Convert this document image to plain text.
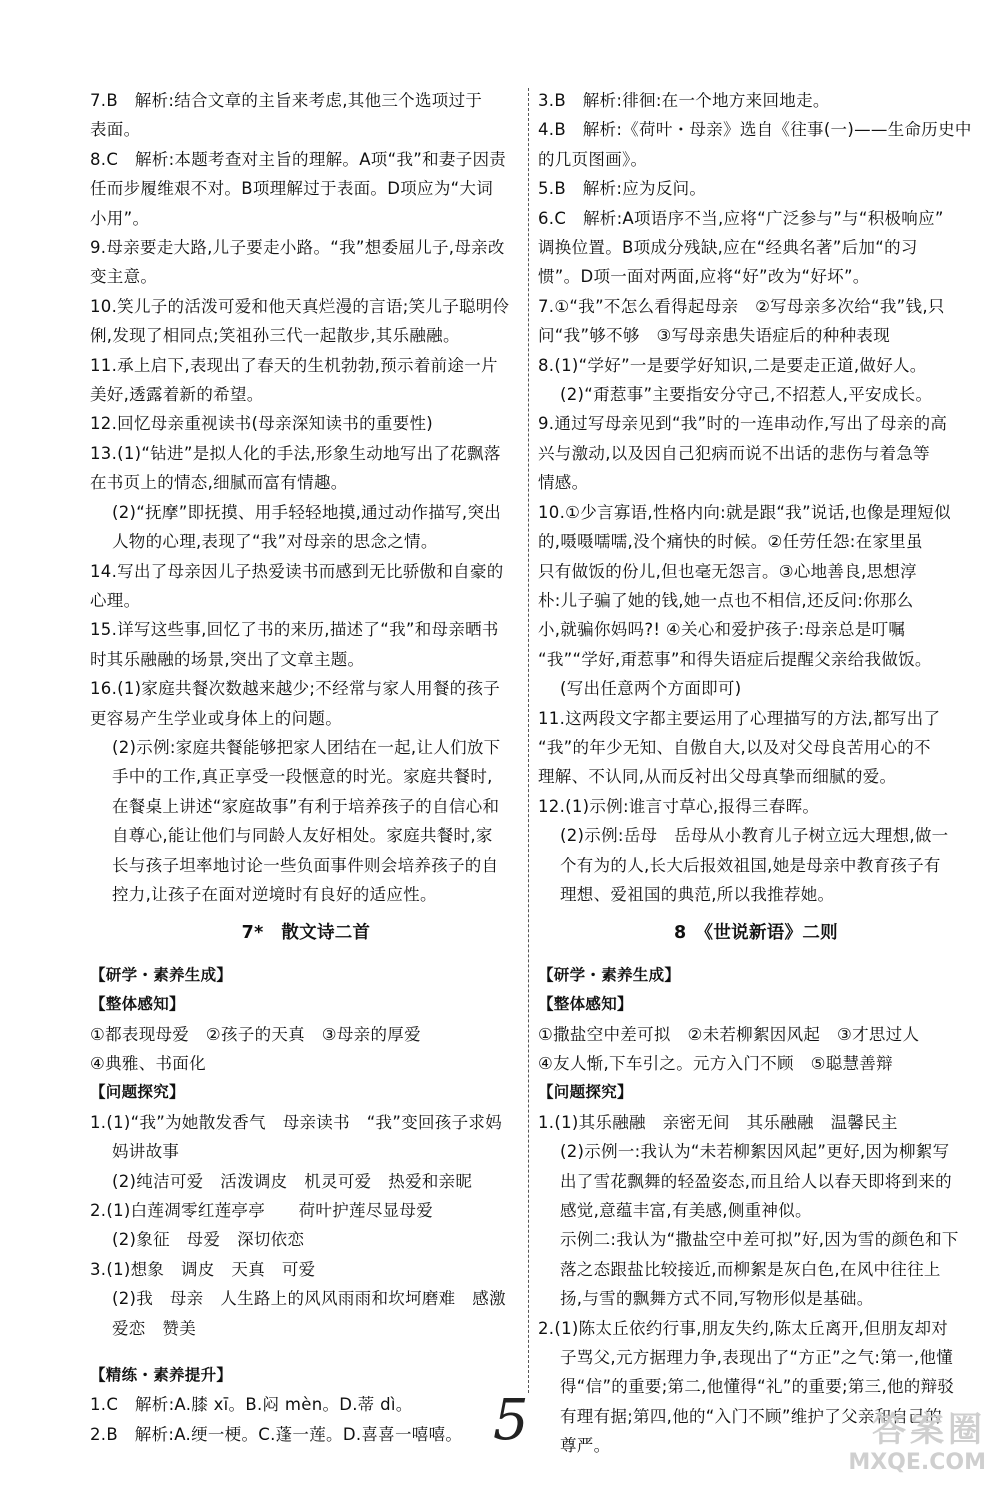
7.B　解析:结合文章的主旨来考虑,其他三个选项过于
表面。
8.C　解析:本题考查对主旨的理解。A项“我”和妻子因责
任而步履维艰不对。B项理解过于表面。D项应为“大词
小用”。
9.母亲要走大路,儿子要走小路。“我”想委屈儿子,母亲改
变主意。
10.笑儿子的活泼可爱和他天真烂漫的言语;笑儿子聪明伶
俐,发现了相同点;笑祖孙三代一起散步,其乐融融。
11.承上启下,表现出了春天的生机勃勃,预示着前途一片
美好,透露着新的希望。
12.回忆母亲重视读书(母亲深知读书的重要性)
13.(1)“钻进”是拟人化的手法,形象生动地写出了花飘落
在书页上的情态,细腻而富有情趣。
(2)“抚摩”即抚摸、用手轻轻地摸,通过动作描写,突出
人物的心理,表现了“我”对母亲的思念之情。
14.写出了母亲因儿子热爱读书而感到无比骄傲和自豪的
心理。
15.详写这些事,回忆了书的来历,描述了“我”和母亲晒书
时其乐融融的场景,突出了文章主题。
16.(1)家庭共餐次数越来越少;不经常与家人用餐的孩子
更容易产生学业或身体上的问题。
(2)示例:家庭共餐能够把家人团结在一起,让人们放下
手中的工作,真正享受一段惬意的时光。家庭共餐时,
在餐桌上讲述“家庭故事”有利于培养孩子的自信心和
自尊心,能让他们与同龄人友好相处。家庭共餐时,家
长与孩子坦率地讨论一些负面事件则会培养孩子的自
控力,让孩子在面对逆境时有良好的适应性。
7*　散文诗二首
【研学・素养生成】
【整体感知】
①都表现母爱　②孩子的天真　③母亲的厚爱
④典雅、书面化
【问题探究】
1.(1)“我”为她散发香气　母亲读书　“我”变回孩子求妈
妈讲故事
(2)纯洁可爱　活泼调皮　机灵可爱　热爱和亲昵
2.(1)白莲凋零红莲亭亭　　荷叶护莲尽显母爱
(2)象征　母爱　深切依恋
3.(1)想象　调皮　天真　可爱
(2)我　母亲　人生路上的风风雨雨和坎坷磨难　感激
爱恋　赞美
【精练・素养提升】
1.C　解析:A.膝 xī。B.闷 mèn。D.蒂 dì。
2.B　解析:A.绠一梗。C.蓬一莲。D.喜喜一嘻嘻。
3.B　解析:徘徊:在一个地方来回地走。
4.B　解析:《荷叶・母亲》选自《往事(一)——生命历史中
的几页图画》。
5.B　解析:应为反问。
6.C　解析:A项语序不当,应将“广泛参与”与“积极响应”
调换位置。B项成分残缺,应在“经典名著”后加“的习
惯”。D项一面对两面,应将“好”改为“好坏”。
7.①“我”不怎么看得起母亲　②写母亲多次给“我”钱,只
问“我”够不够　③写母亲患失语症后的种种表现
8.(1)“学好”一是要学好知识,二是要走正道,做好人。
(2)“甭惹事”主要指安分守己,不招惹人,平安成长。
9.通过写母亲见到“我”时的一连串动作,写出了母亲的高
兴与激动,以及因自己犯病而说不出话的悲伤与着急等
情感。
10.①少言寡语,性格内向:就是跟“我”说话,也像是理短似
的,嗫嗫嚅嚅,没个痛快的时候。②任劳任怨:在家里虽
只有做饭的份儿,但也毫无怨言。③心地善良,思想淳
朴:儿子骗了她的钱,她一点也不相信,还反问:你那么
小,就骗你妈吗?! ④关心和爱护孩子:母亲总是叮嘱
“我”“学好,甭惹事”和得失语症后提醒父亲给我做饭。
(写出任意两个方面即可)
11.这两段文字都主要运用了心理描写的方法,都写出了
“我”的年少无知、自傲自大,以及对父母良苦用心的不
理解、不认同,从而反衬出父母真挚而细腻的爱。
12.(1)示例:谁言寸草心,报得三春晖。
(2)示例:岳母　岳母从小教育儿子树立远大理想,做一
个有为的人,长大后报效祖国,她是母亲中教育孩子有
理想、爱祖国的典范,所以我推荐她。
8　《世说新语》二则
【研学・素养生成】
【整体感知】
①撒盐空中差可拟　②未若柳絮因风起　③才思过人
④友人惭,下车引之。元方入门不顾　⑤聪慧善辩
【问题探究】
1.(1)其乐融融　亲密无间　其乐融融　温馨民主
(2)示例一:我认为“未若柳絮因风起”更好,因为柳絮写
出了雪花飘舞的轻盈姿态,而且给人以春天即将到来的
感觉,意蕴丰富,有美感,侧重神似。
示例二:我认为“撒盐空中差可拟”好,因为雪的颜色和下
落之态跟盐比较接近,而柳絮是灰白色,在风中往往上
扬,与雪的飘舞方式不同,写物形似是基础。
2.(1)陈太丘依约行事,朋友失约,陈太丘离开,但朋友却对
子骂父,元方据理力争,表现出了“方正”之气:第一,他懂
得“信”的重要;第二,他懂得“礼”的重要;第三,他的辩驳
有理有据;第四,他的“入门不顾”维护了父亲和自己的
尊严。
5	答案圈
MXQE.COM
